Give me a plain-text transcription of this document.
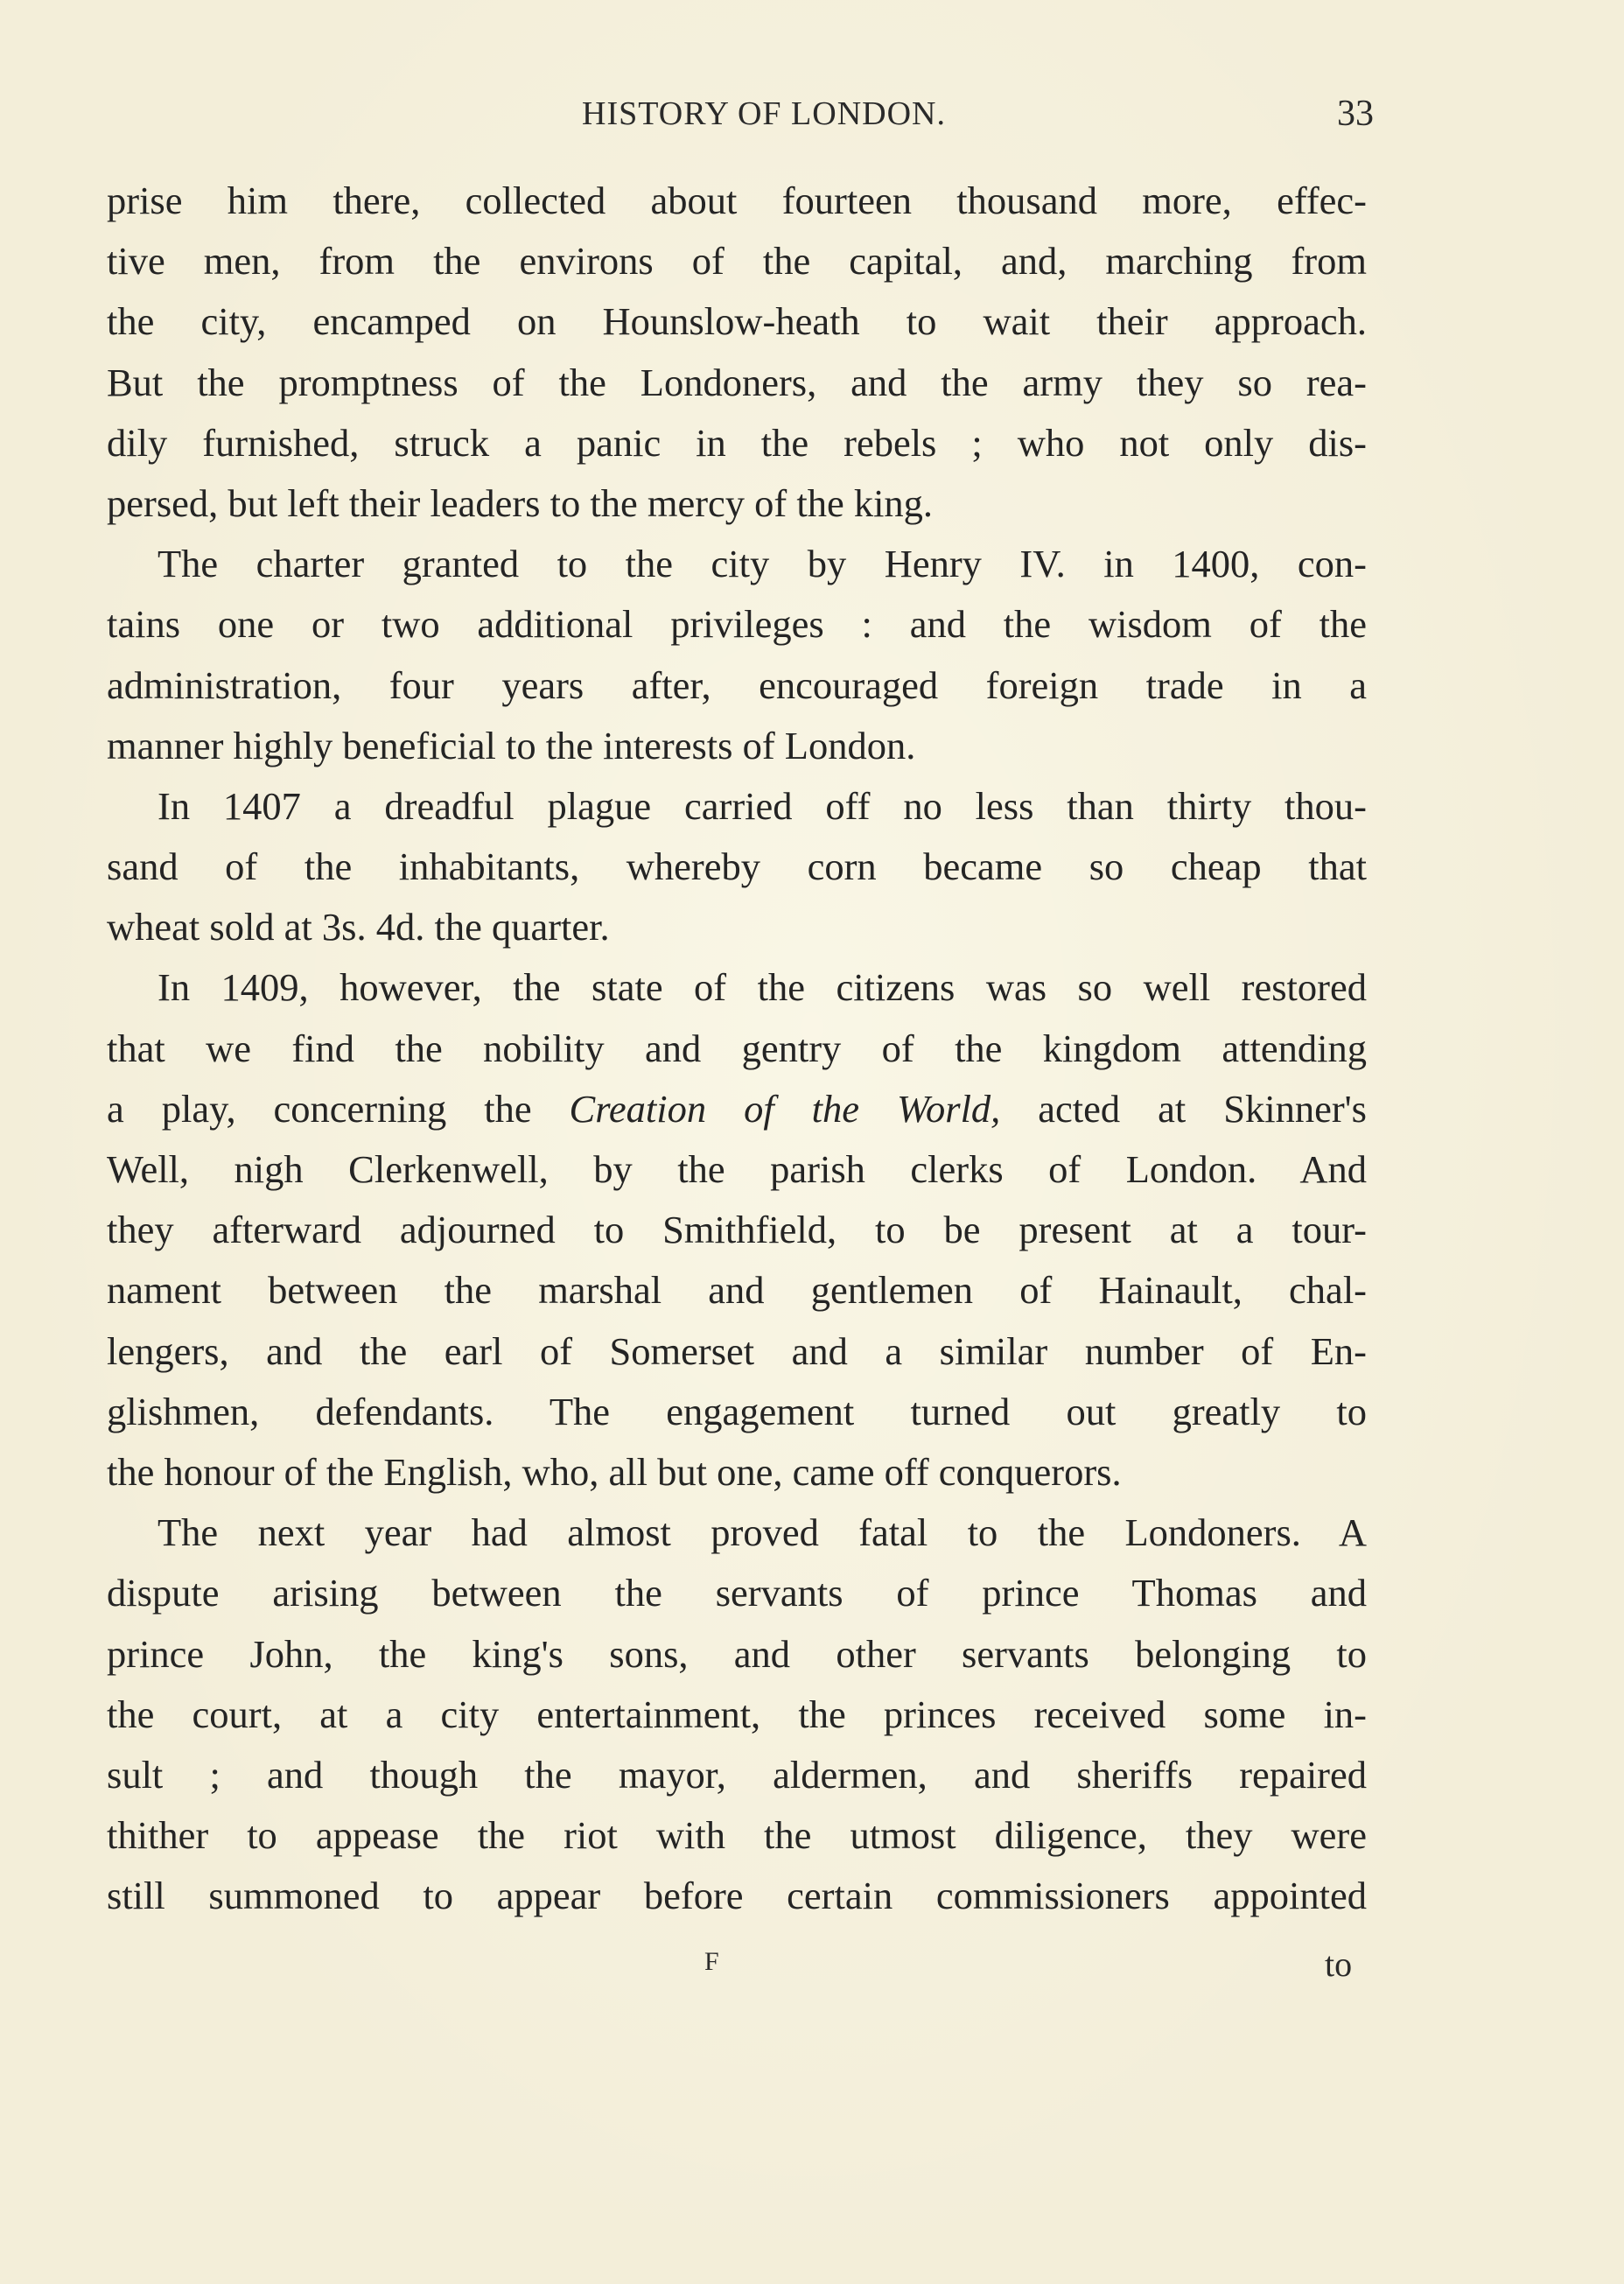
HISTORY OF LONDON.	33
prise him there, collected about fourteen thousand more, effec-
tive men, from the environs of the capital, and, marching from
the city, encamped on Hounslow-heath to wait their approach.
But the promptness of the Londoners, and the army they so rea-
dily furnished, struck a panic in the rebels ; who not only dis-
persed, but left their leaders to the mercy of the king.
The charter granted to the city by Henry IV. in 1400, con-
tains one or two additional privileges : and the wisdom of the
administration, four years after, encouraged foreign trade in a
manner highly beneficial to the interests of London.
In 1407 a dreadful plague carried off no less than thirty thou-
sand of the inhabitants, whereby corn became so cheap that
wheat sold at 3s. 4d. the quarter.
In 1409, however, the state of the citizens was so well restored
that we find the nobility and gentry of the kingdom attending
a play, concerning the Creation of the World, acted at Skinner's
Well, nigh Clerkenwell, by the parish clerks of London. And
they afterward adjourned to Smithfield, to be present at a tour-
nament between the marshal and gentlemen of Hainault, chal-
lengers, and the earl of Somerset and a similar number of En-
glishmen, defendants. The engagement turned out greatly to
the honour of the English, who, all but one, came off conquerors.
The next year had almost proved fatal to the Londoners. A
dispute arising between the servants of prince Thomas and
prince John, the king's sons, and other servants belonging to
the court, at a city entertainment, the princes received some in-
sult ; and though the mayor, aldermen, and sheriffs repaired
thither to appease the riot with the utmost diligence, they were
still summoned to appear before certain commissioners appointed
F	to
